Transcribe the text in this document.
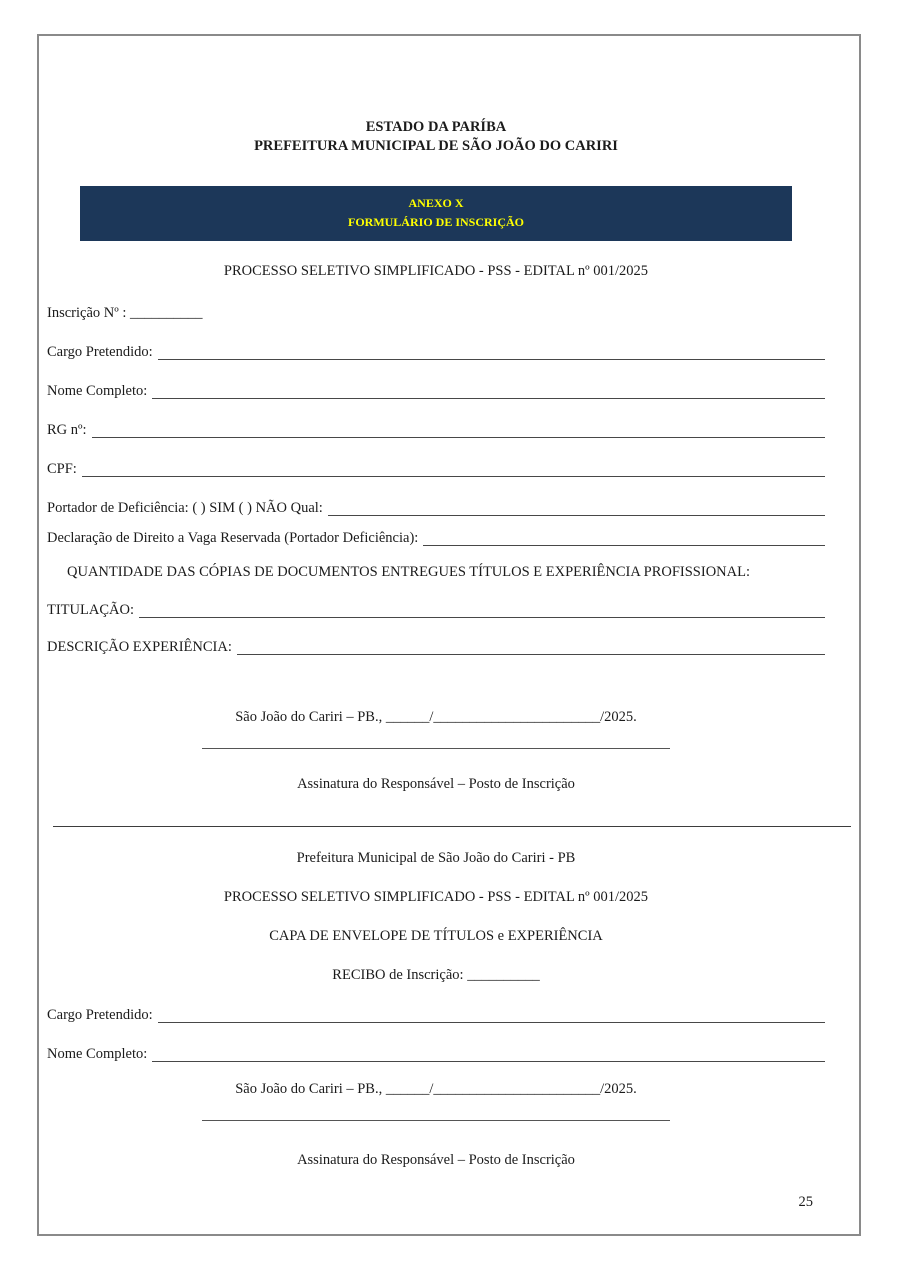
ESTADO DA PARÍBA
PREFEITURA MUNICIPAL DE SÃO JOÃO DO CARIRI
ANEXO X
FORMULÁRIO DE INSCRIÇÃO
PROCESSO SELETIVO SIMPLIFICADO - PSS - EDITAL nº 001/2025
Inscrição Nº : __________
Cargo Pretendido:
Nome Completo:
RG nº:
CPF:
Portador de Deficiência: ( ) SIM ( ) NÃO Qual:
Declaração de Direito a Vaga Reservada (Portador Deficiência):
QUANTIDADE DAS CÓPIAS DE DOCUMENTOS ENTREGUES TÍTULOS E EXPERIÊNCIA PROFISSIONAL:
TITULAÇÃO:
DESCRIÇÃO EXPERIÊNCIA:
São João do Cariri – PB., ______/_______________________/2025.
Assinatura do Responsável – Posto de Inscrição
Prefeitura Municipal de São João do Cariri - PB
PROCESSO SELETIVO SIMPLIFICADO - PSS - EDITAL nº 001/2025
CAPA DE ENVELOPE DE TÍTULOS e EXPERIÊNCIA
RECIBO de Inscrição: __________
Cargo Pretendido:
Nome Completo:
São João do Cariri – PB., ______/_______________________/2025.
Assinatura do Responsável – Posto de Inscrição
25
